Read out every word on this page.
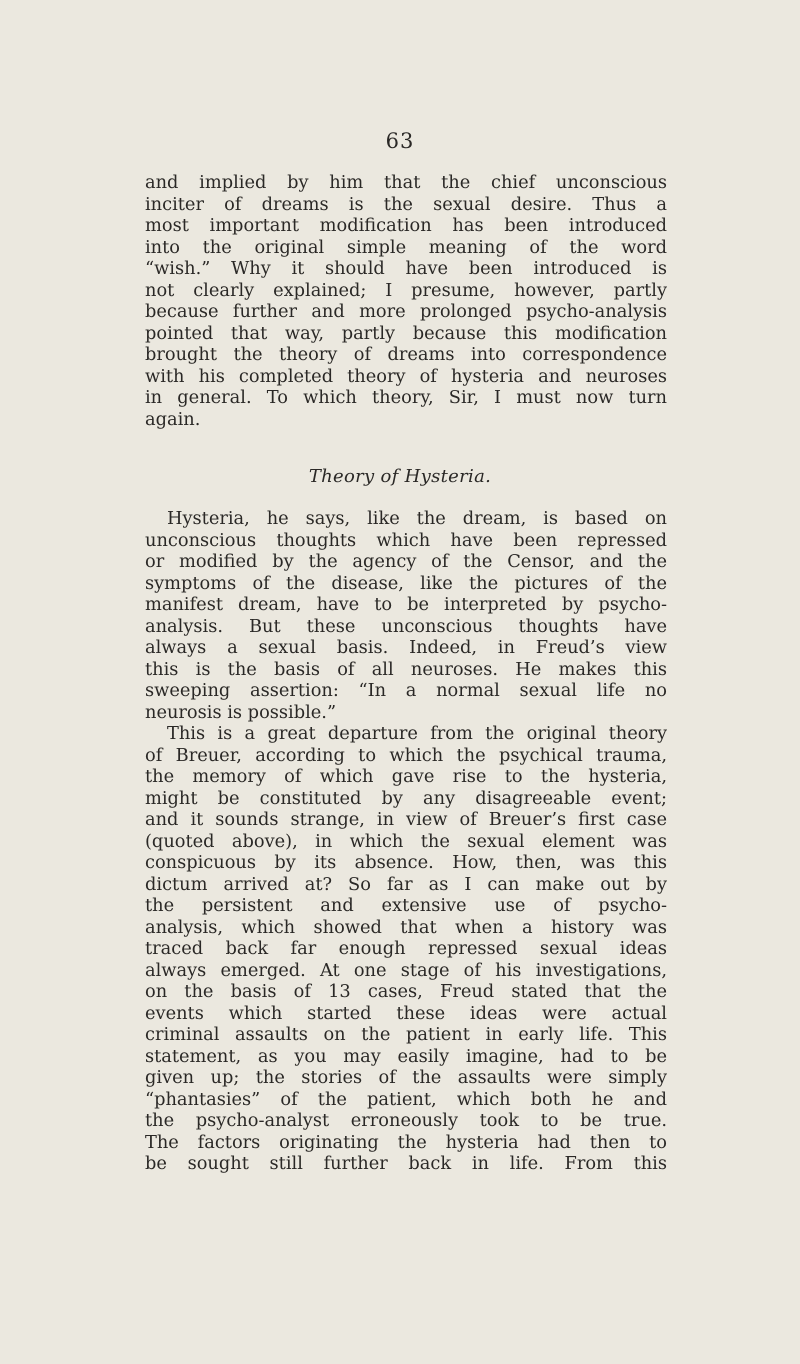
63
and implied by him that the chief unconscious
inciter of dreams is the sexual desire. Thus a
most important modification has been introduced
into the original simple meaning of the word
“wish.” Why it should have been introduced is
not clearly explained; I presume, however, partly
because further and more prolonged psycho-analysis
pointed that way, partly because this modification
brought the theory of dreams into correspondence
with his completed theory of hysteria and neuroses
in general. To which theory, Sir, I must now turn
again.
Theory of Hysteria.
Hysteria, he says, like the dream, is based on
unconscious thoughts which have been repressed
or modified by the agency of the Censor, and the
symptoms of the disease, like the pictures of the
manifest dream, have to be interpreted by psycho-
analysis. But these unconscious thoughts have
always a sexual basis. Indeed, in Freud’s view
this is the basis of all neuroses. He makes this
sweeping assertion: “In a normal sexual life no
neurosis is possible.”
This is a great departure from the original theory
of Breuer, according to which the psychical trauma,
the memory of which gave rise to the hysteria,
might be constituted by any disagreeable event;
and it sounds strange, in view of Breuer’s first case
(quoted above), in which the sexual element was
conspicuous by its absence. How, then, was this
dictum arrived at? So far as I can make out by
the persistent and extensive use of psycho-
analysis, which showed that when a history was
traced back far enough repressed sexual ideas
always emerged. At one stage of his investigations,
on the basis of 13 cases, Freud stated that the
events which started these ideas were actual
criminal assaults on the patient in early life. This
statement, as you may easily imagine, had to be
given up; the stories of the assaults were simply
“phantasies” of the patient, which both he and
the psycho-analyst erroneously took to be true.
The factors originating the hysteria had then to
be sought still further back in life. From this
